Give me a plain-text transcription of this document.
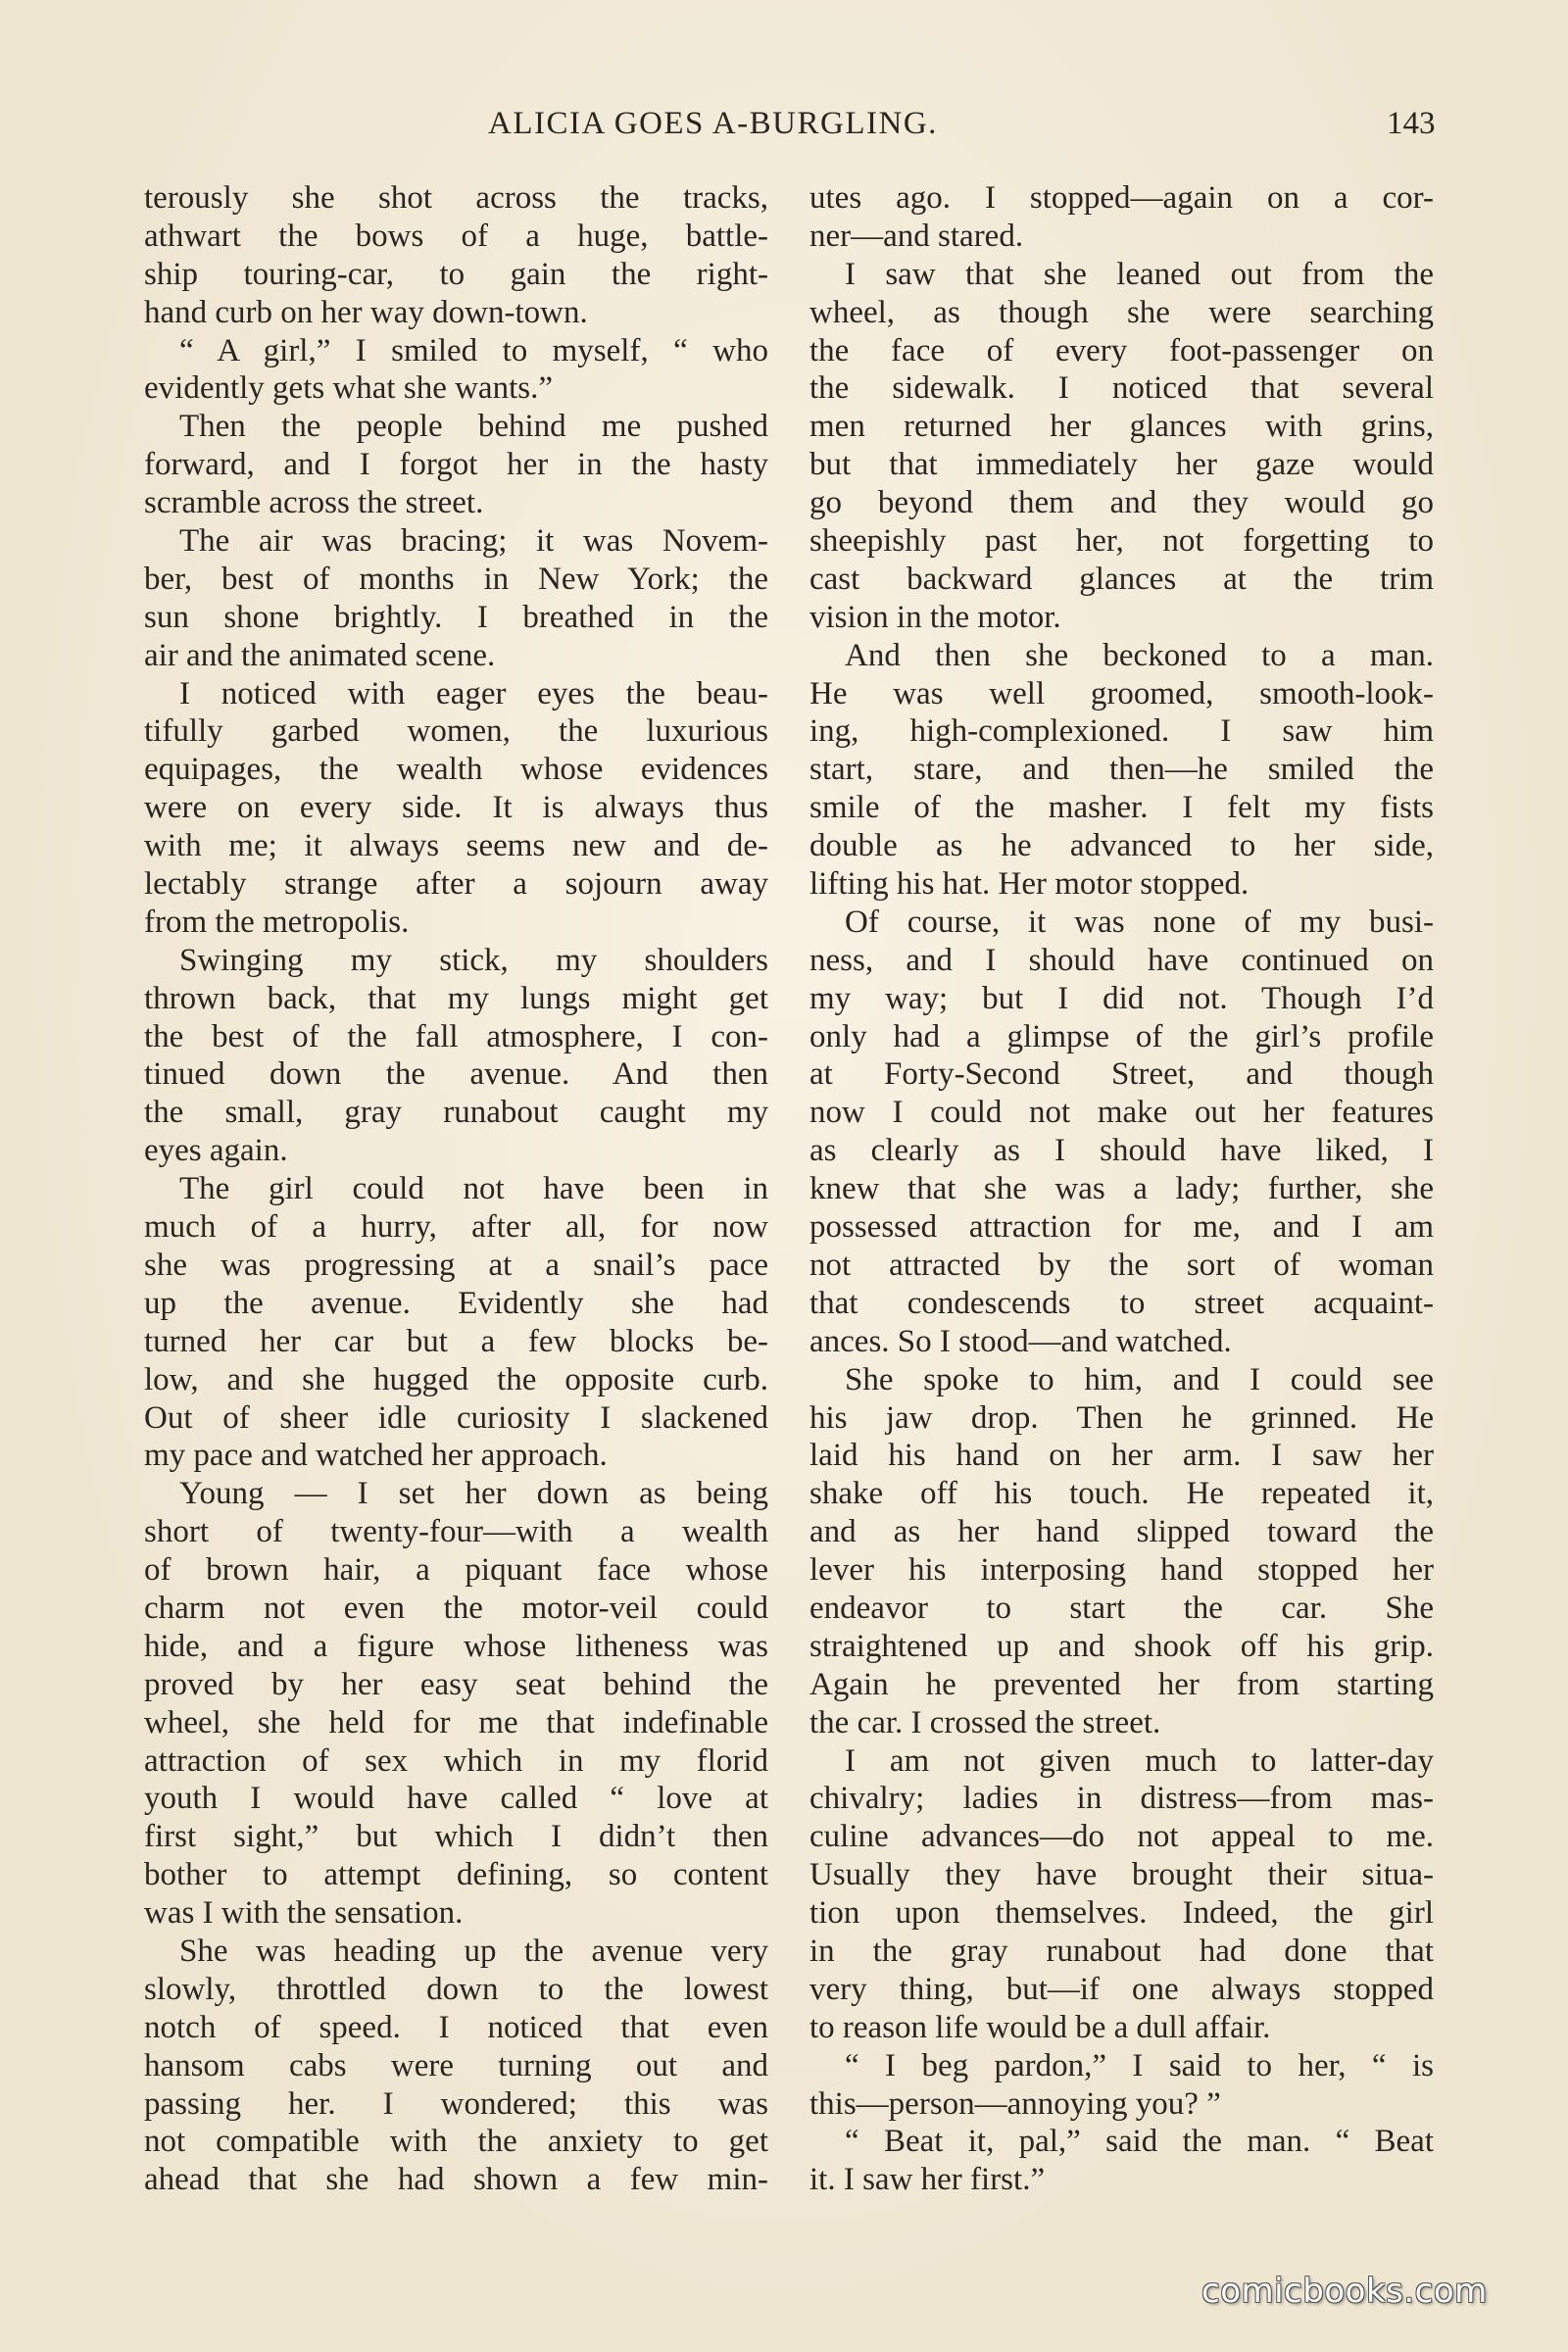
ALICIA GOES A-BURGLING.	143
terously she shot across the tracks,
athwart the bows of a huge, battle-
ship touring-car, to gain the right-
hand curb on her way down-town.
“ A girl,” I smiled to myself, “ who
evidently gets what she wants.”
Then the people behind me pushed
forward, and I forgot her in the hasty
scramble across the street.
The air was bracing; it was Novem-
ber, best of months in New York; the
sun shone brightly. I breathed in the
air and the animated scene.
I noticed with eager eyes the beau-
tifully garbed women, the luxurious
equipages, the wealth whose evidences
were on every side. It is always thus
with me; it always seems new and de-
lectably strange after a sojourn away
from the metropolis.
Swinging my stick, my shoulders
thrown back, that my lungs might get
the best of the fall atmosphere, I con-
tinued down the avenue. And then
the small, gray runabout caught my
eyes again.
The girl could not have been in
much of a hurry, after all, for now
she was progressing at a snail’s pace
up the avenue. Evidently she had
turned her car but a few blocks be-
low, and she hugged the opposite curb.
Out of sheer idle curiosity I slackened
my pace and watched her approach.
Young — I set her down as being
short of twenty-four—with a wealth
of brown hair, a piquant face whose
charm not even the motor-veil could
hide, and a figure whose litheness was
proved by her easy seat behind the
wheel, she held for me that indefinable
attraction of sex which in my florid
youth I would have called “ love at
first sight,” but which I didn’t then
bother to attempt defining, so content
was I with the sensation.
She was heading up the avenue very
slowly, throttled down to the lowest
notch of speed. I noticed that even
hansom cabs were turning out and
passing her. I wondered; this was
not compatible with the anxiety to get
ahead that she had shown a few min-
utes ago. I stopped—again on a cor-
ner—and stared.
I saw that she leaned out from the
wheel, as though she were searching
the face of every foot-passenger on
the sidewalk. I noticed that several
men returned her glances with grins,
but that immediately her gaze would
go beyond them and they would go
sheepishly past her, not forgetting to
cast backward glances at the trim
vision in the motor.
And then she beckoned to a man.
He was well groomed, smooth-look-
ing, high-complexioned. I saw him
start, stare, and then—he smiled the
smile of the masher. I felt my fists
double as he advanced to her side,
lifting his hat. Her motor stopped.
Of course, it was none of my busi-
ness, and I should have continued on
my way; but I did not. Though I’d
only had a glimpse of the girl’s profile
at Forty-Second Street, and though
now I could not make out her features
as clearly as I should have liked, I
knew that she was a lady; further, she
possessed attraction for me, and I am
not attracted by the sort of woman
that condescends to street acquaint-
ances. So I stood—and watched.
She spoke to him, and I could see
his jaw drop. Then he grinned. He
laid his hand on her arm. I saw her
shake off his touch. He repeated it,
and as her hand slipped toward the
lever his interposing hand stopped her
endeavor to start the car. She
straightened up and shook off his grip.
Again he prevented her from starting
the car. I crossed the street.
I am not given much to latter-day
chivalry; ladies in distress—from mas-
culine advances—do not appeal to me.
Usually they have brought their situa-
tion upon themselves. Indeed, the girl
in the gray runabout had done that
very thing, but—if one always stopped
to reason life would be a dull affair.
“ I beg pardon,” I said to her, “ is
this—person—annoying you? ”
“ Beat it, pal,” said the man. “ Beat
it. I saw her first.”
comicbooks.com
